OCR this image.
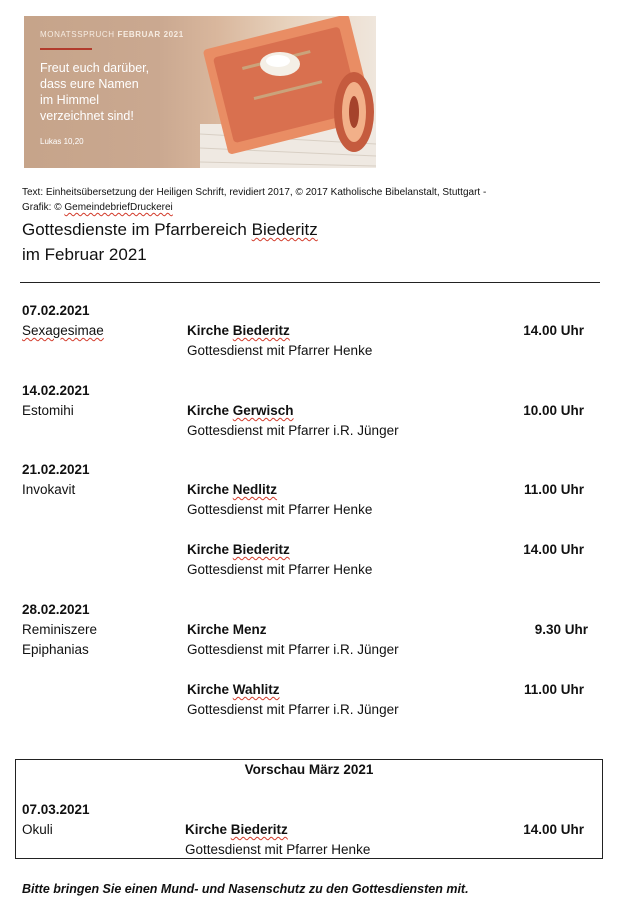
MONATSSPRUCH FEBRUAR 2021
Freut euch darüber,
dass eure Namen
im Himmel
verzeichnet sind!
Lukas 10,20
Text: Einheitsübersetzung der Heiligen Schrift, revidiert 2017, © 2017 Katholische Bibelanstalt, Stuttgart -
Grafik: © GemeindebriefDruckerei
Gottesdienste im Pfarrbereich Biederitz
im Februar 2021
07.02.2021
Sexagesimae	Kirche Biederitz	14.00 Uhr
Gottesdienst mit Pfarrer Henke
14.02.2021
Estomihi	Kirche Gerwisch	10.00 Uhr
Gottesdienst mit Pfarrer i.R. Jünger
21.02.2021
Invokavit	Kirche Nedlitz	11.00 Uhr
Gottesdienst mit Pfarrer Henke
Kirche Biederitz	14.00 Uhr
Gottesdienst mit Pfarrer Henke
28.02.2021
Reminiszere
Epiphanias
Kirche Menz	9.30 Uhr
Gottesdienst mit Pfarrer i.R. Jünger
Kirche Wahlitz	11.00 Uhr
Gottesdienst mit Pfarrer i.R. Jünger
Vorschau März 2021
07.03.2021
Okuli	Kirche Biederitz	14.00 Uhr
Gottesdienst mit Pfarrer Henke
Bitte bringen Sie einen Mund- und Nasenschutz zu den Gottesdiensten mit.
